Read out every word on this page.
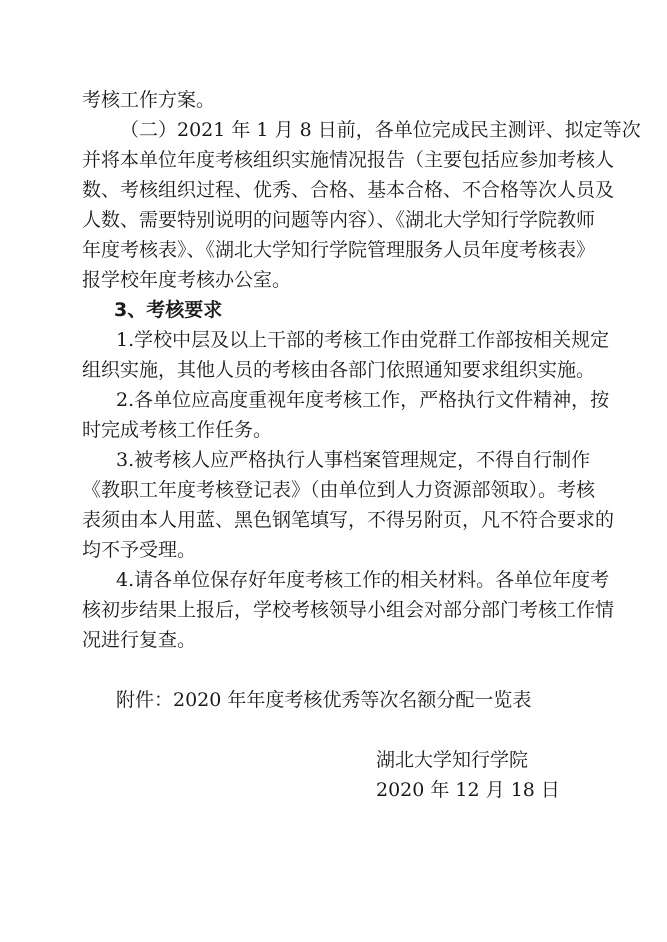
考核工作方案。
（二）2021 年 1 月 8 日前，各单位完成民主测评、拟定等次
并将本单位年度考核组织实施情况报告（主要包括应参加考核人
数、考核组织过程、优秀、合格、基本合格、不合格等次人员及
人数、需要特别说明的问题等内容）、《湖北大学知行学院教师
年度考核表》、《湖北大学知行学院管理服务人员年度考核表》
报学校年度考核办公室。
3、考核要求
1.学校中层及以上干部的考核工作由党群工作部按相关规定
组织实施，其他人员的考核由各部门依照通知要求组织实施。
2.各单位应高度重视年度考核工作，严格执行文件精神，按
时完成考核工作任务。
3.被考核人应严格执行人事档案管理规定，不得自行制作
《教职工年度考核登记表》（由单位到人力资源部领取）。考核
表须由本人用蓝、黑色钢笔填写，不得另附页，凡不符合要求的
均不予受理。
4.请各单位保存好年度考核工作的相关材料。各单位年度考
核初步结果上报后，学校考核领导小组会对部分部门考核工作情
况进行复查。
附件：2020 年年度考核优秀等次名额分配一览表
湖北大学知行学院
2020 年 12 月 18 日
